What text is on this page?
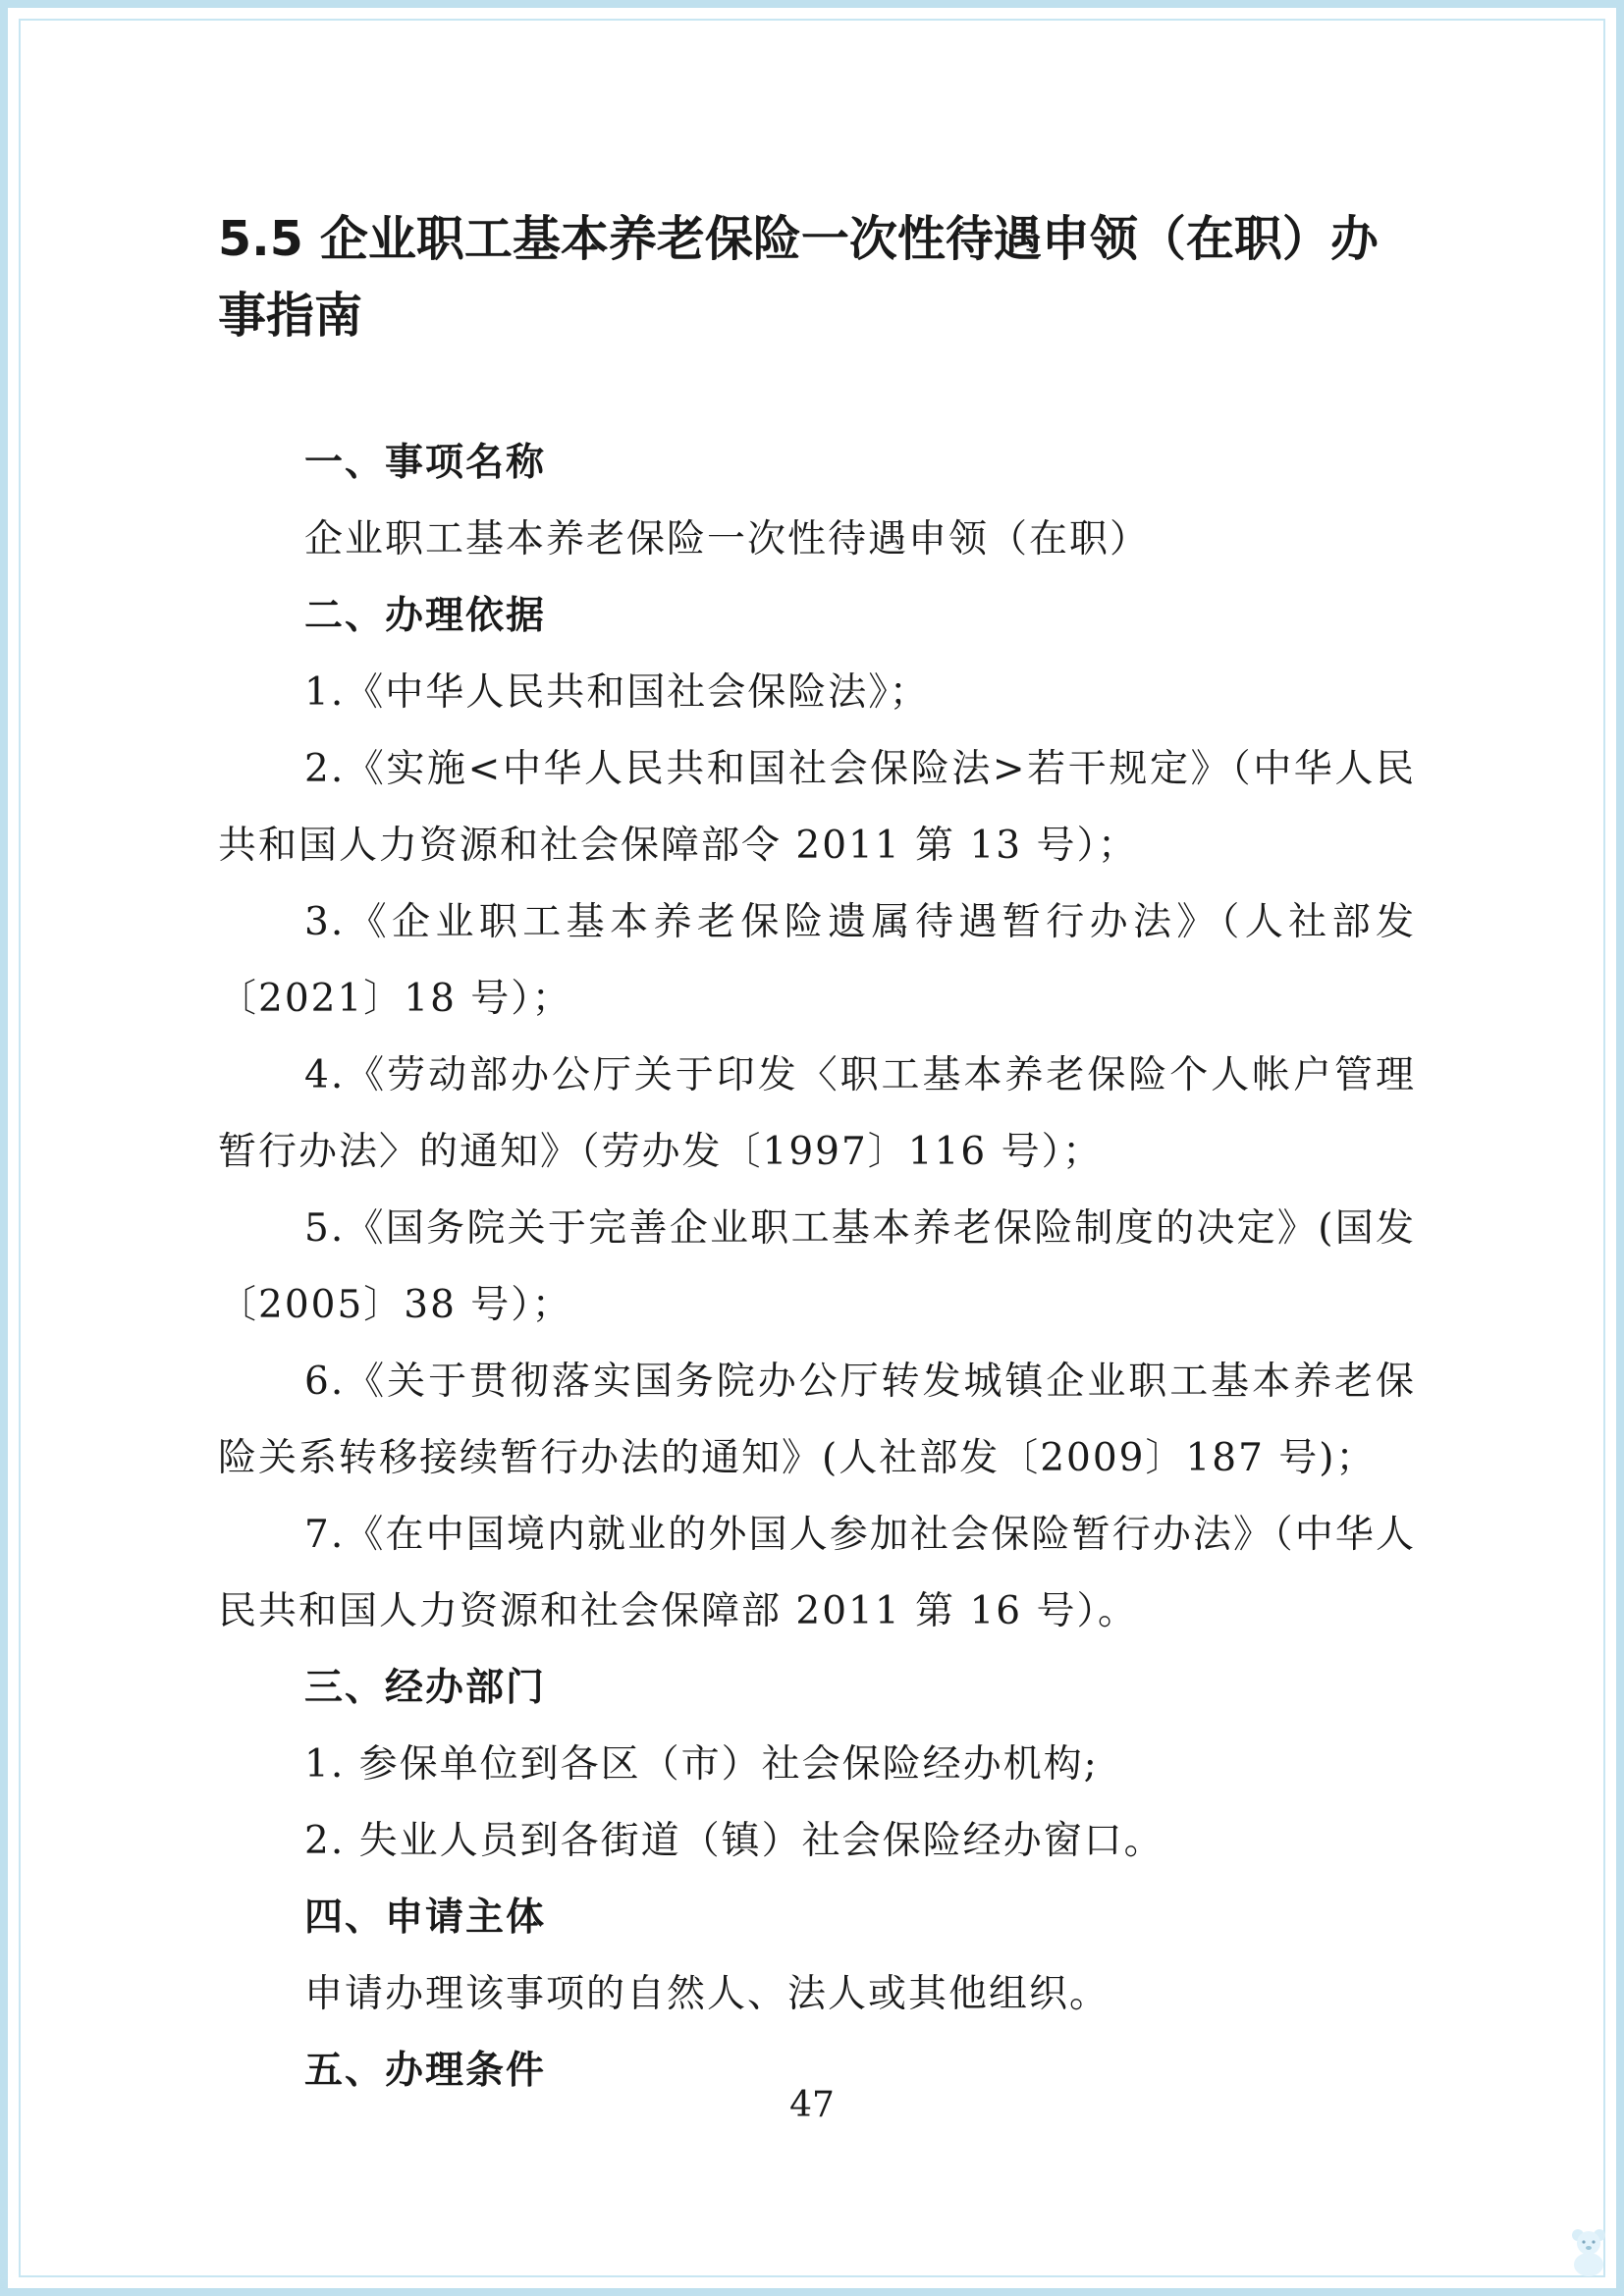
5.5 企业职工基本养老保险一次性待遇申领（在职）办事指南

一、事项名称

企业职工基本养老保险一次性待遇申领（在职）

二、办理依据

1.《中华人民共和国社会保险法》；

2.《实施<中华人民共和国社会保险法>若干规定》（中华人民共和国人力资源和社会保障部令 2011 第 13 号）；

3.《企业职工基本养老保险遗属待遇暂行办法》（人社部发〔2021〕18 号）；

4.《劳动部办公厅关于印发〈职工基本养老保险个人帐户管理暂行办法〉的通知》（劳办发〔1997〕116 号）；

5.《国务院关于完善企业职工基本养老保险制度的决定》(国发〔2005〕38 号）；

6.《关于贯彻落实国务院办公厅转发城镇企业职工基本养老保险关系转移接续暂行办法的通知》(人社部发〔2009〕187 号)；

7.《在中国境内就业的外国人参加社会保险暂行办法》（中华人民共和国人力资源和社会保障部 2011 第 16 号）。

三、经办部门

1. 参保单位到各区（市）社会保险经办机构;

2. 失业人员到各街道（镇）社会保险经办窗口。

四、申请主体

申请办理该事项的自然人、法人或其他组织。

五、办理条件

47
